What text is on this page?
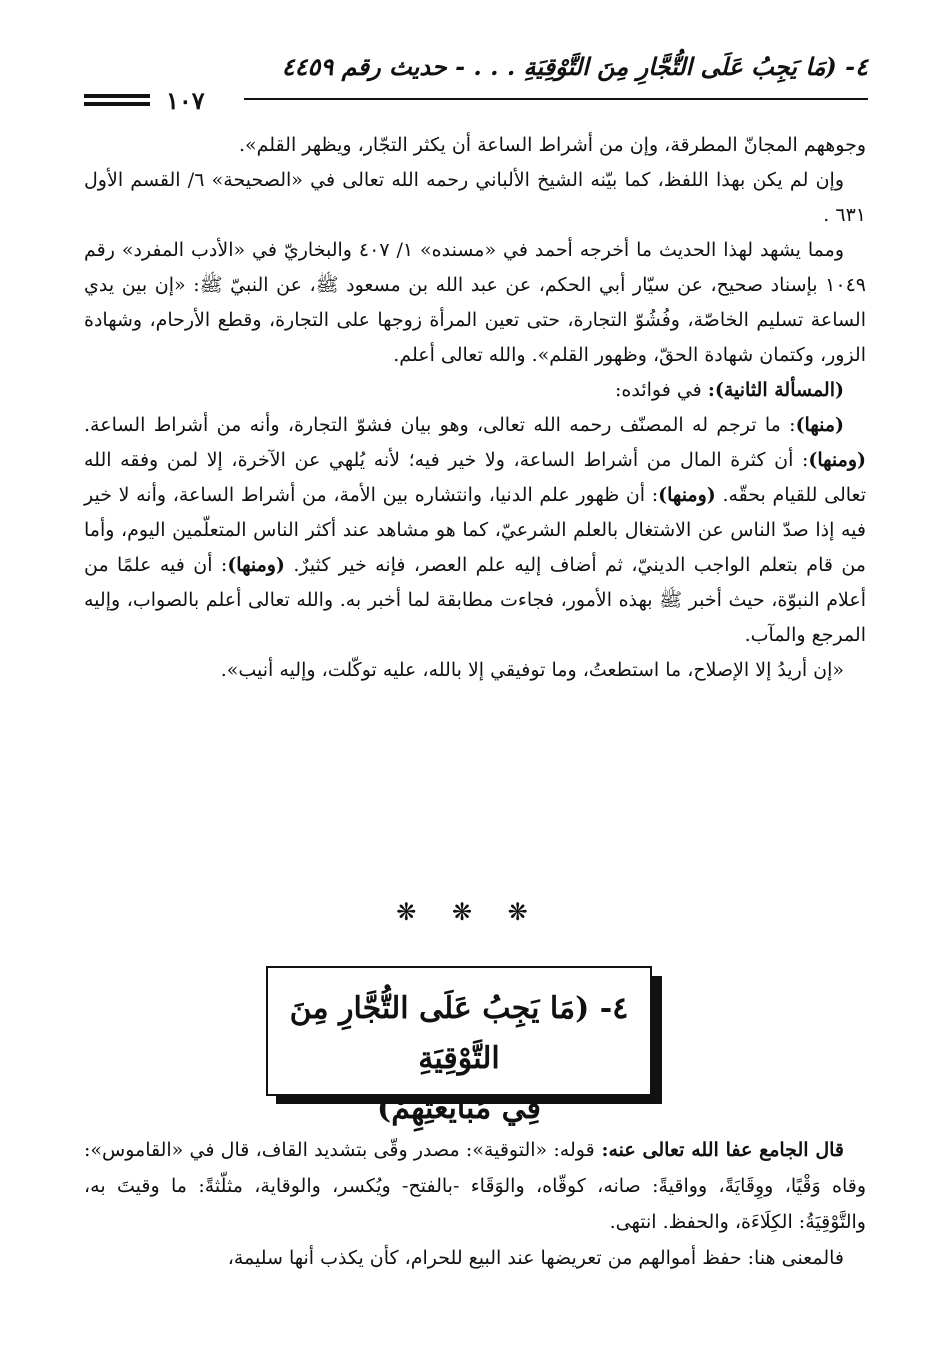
٤- (مَا يَجِبُ عَلَى التُّجَّارِ مِنَ التَّوْقِيَةِ . . . - حديث رقم ٤٤٥٩
١٠٧

وجوههم المجانّ المطرقة، وإن من أشراط الساعة أن يكثر التجّار، ويظهر القلم».

وإن لم يكن بهذا اللفظ، كما بيّنه الشيخ الألباني رحمه الله تعالى في «الصحيحة» ٦/ القسم الأول ٦٣١ .

ومما يشهد لهذا الحديث ما أخرجه أحمد في «مسنده» ١/ ٤٠٧ والبخاريّ في «الأدب المفرد» رقم ١٠٤٩ بإسناد صحيح، عن سيّار أبي الحكم، عن عبد الله بن مسعود ﷺ، عن النبيّ ﷺ: «إن بين يدي الساعة تسليم الخاصّة، وفُشُوّ التجارة، حتى تعين المرأة زوجها على التجارة، وقطع الأرحام، وشهادة الزور، وكتمان شهادة الحقّ، وظهور القلم». والله تعالى أعلم.

(المسألة الثانية): في فوائده:

(منها): ما ترجم له المصنّف رحمه الله تعالى، وهو بيان فشوّ التجارة، وأنه من أشراط الساعة. (ومنها): أن كثرة المال من أشراط الساعة، ولا خير فيه؛ لأنه يُلهي عن الآخرة، إلا لمن وفقه الله تعالى للقيام بحقّه. (ومنها): أن ظهور علم الدنيا، وانتشاره بين الأمة، من أشراط الساعة، وأنه لا خير فيه إذا صدّ الناس عن الاشتغال بالعلم الشرعيّ، كما هو مشاهد عند أكثر الناس المتعلّمين اليوم، وأما من قام بتعلم الواجب الدينيّ، ثم أضاف إليه علم العصر، فإنه خير كثيرٌ. (ومنها): أن فيه علمًا من أعلام النبوّة، حيث أخبر ﷺ بهذه الأمور، فجاءت مطابقة لما أخبر به. والله تعالى أعلم بالصواب، وإليه المرجع والمآب.

«إن أريدُ إلا الإصلاح، ما استطعتُ، وما توفيقي إلا بالله، عليه توكّلت، وإليه أنيب».

❋ ❋ ❋
٤- (مَا يَجِبُ عَلَى التُّجَّارِ مِنَ التَّوْقِيَةِ
فِي مُبَايَعَتِهِمْ)

قال الجامع عفا الله تعالى عنه: قوله: «التوقية»: مصدر وقّى بتشديد القاف، قال في «القاموس»: وقاه وَقْيًا، ووِقَايَةً، وواقيةً: صانه، كوقّاه، والوَقَاء -بالفتح- ويُكسر، والوقاية، مثلّثةً: ما وقيتَ به، والتَّوْقِيَةُ: الكِلَاءَة، والحفظ. انتهى.

فالمعنى هنا: حفظ أموالهم من تعريضها عند البيع للحرام، كأن يكذب أنها سليمة،
